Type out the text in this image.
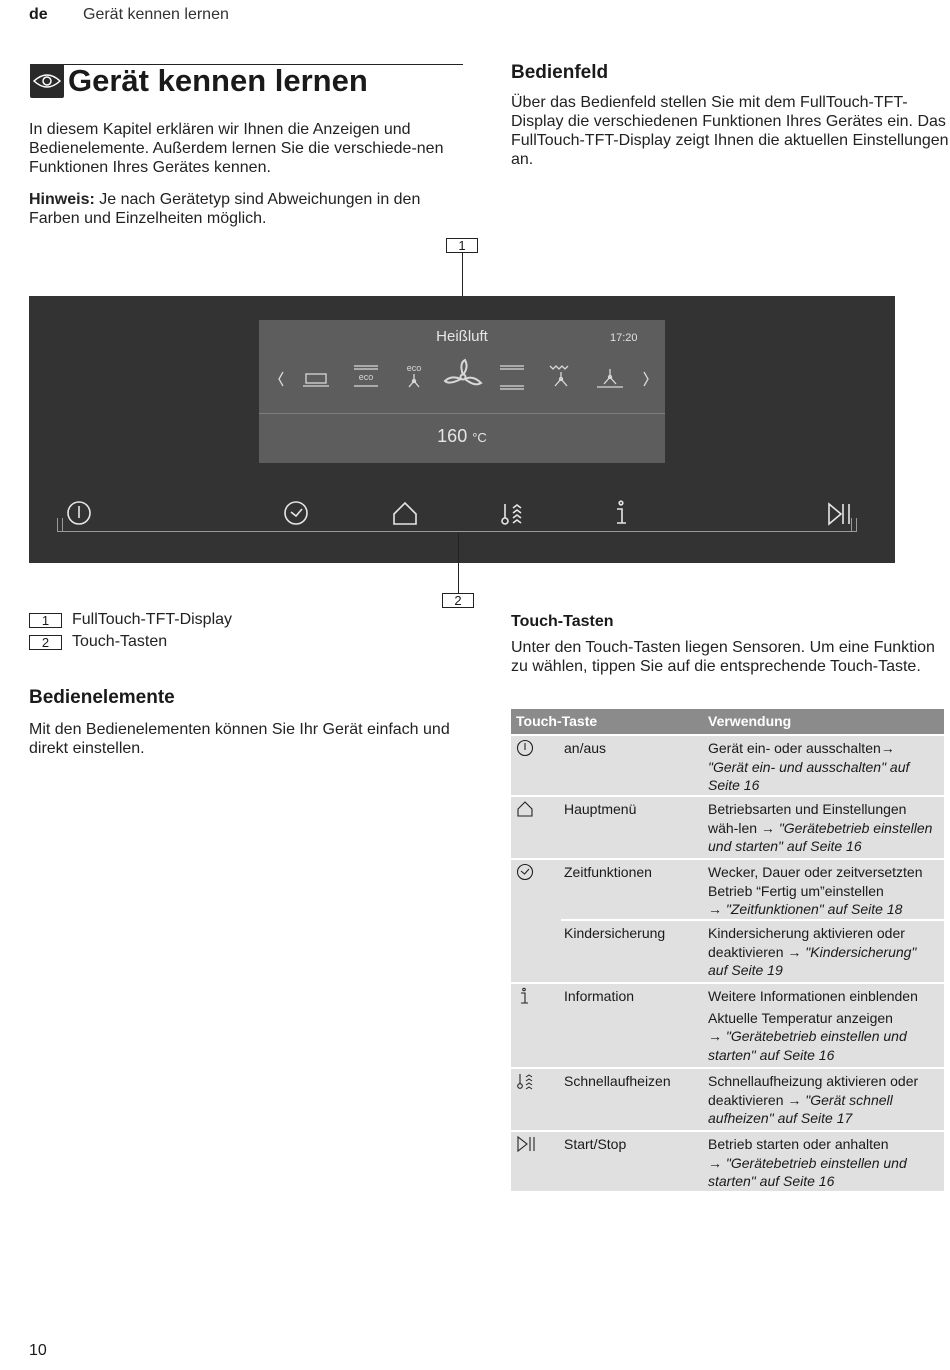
de Gerät kennen lernen
Gerät kennen lernen
In diesem Kapitel erklären wir Ihnen die Anzeigen und Bedienelemente. Außerdem lernen Sie die verschiede-nen Funktionen Ihres Gerätes kennen.
Hinweis: Je nach Gerätetyp sind Abweichungen in den Farben und Einzelheiten möglich.
Bedienfeld
Über das Bedienfeld stellen Sie mit dem FullTouch-TFT-Display die verschiedenen Funktionen Ihres Gerätes ein. Das FullTouch-TFT-Display zeigt Ihnen die aktuellen Einstellungen an.
1
Heißluft	17:20
160 °C
eco
eco
2
1	FullTouch-TFT-Display
2	Touch-Tasten
Bedienelemente
Mit den Bedienelementen können Sie Ihr Gerät einfach und direkt einstellen.
Touch-Tasten
Unter den Touch-Tasten liegen Sensoren. Um eine Funktion zu wählen, tippen Sie auf die entsprechende Touch-Taste.
Touch-Taste	Verwendung
an/aus	Gerät ein- oder ausschalten→ "Gerät ein- und ausschalten" auf Seite 16
Hauptmenü	Betriebsarten und Einstellungen wäh-len → "Gerätebetrieb einstellen und starten" auf Seite 16
Zeitfunktionen	Wecker, Dauer oder zeitversetzten Betrieb “Fertig um”einstellen
→ "Zeitfunktionen" auf Seite 18
Kindersicherung	Kindersicherung aktivieren oder deaktivieren → "Kindersicherung" auf Seite 19
Information	Weitere Informationen einblenden
Aktuelle Temperatur anzeigen
→ "Gerätebetrieb einstellen und starten" auf Seite 16
Schnellaufheizen	Schnellaufheizung aktivieren oder deaktivieren → "Gerät schnell aufheizen" auf Seite 17
Start/Stop	Betrieb starten oder anhalten
→ "Gerätebetrieb einstellen und starten" auf Seite 16
10
